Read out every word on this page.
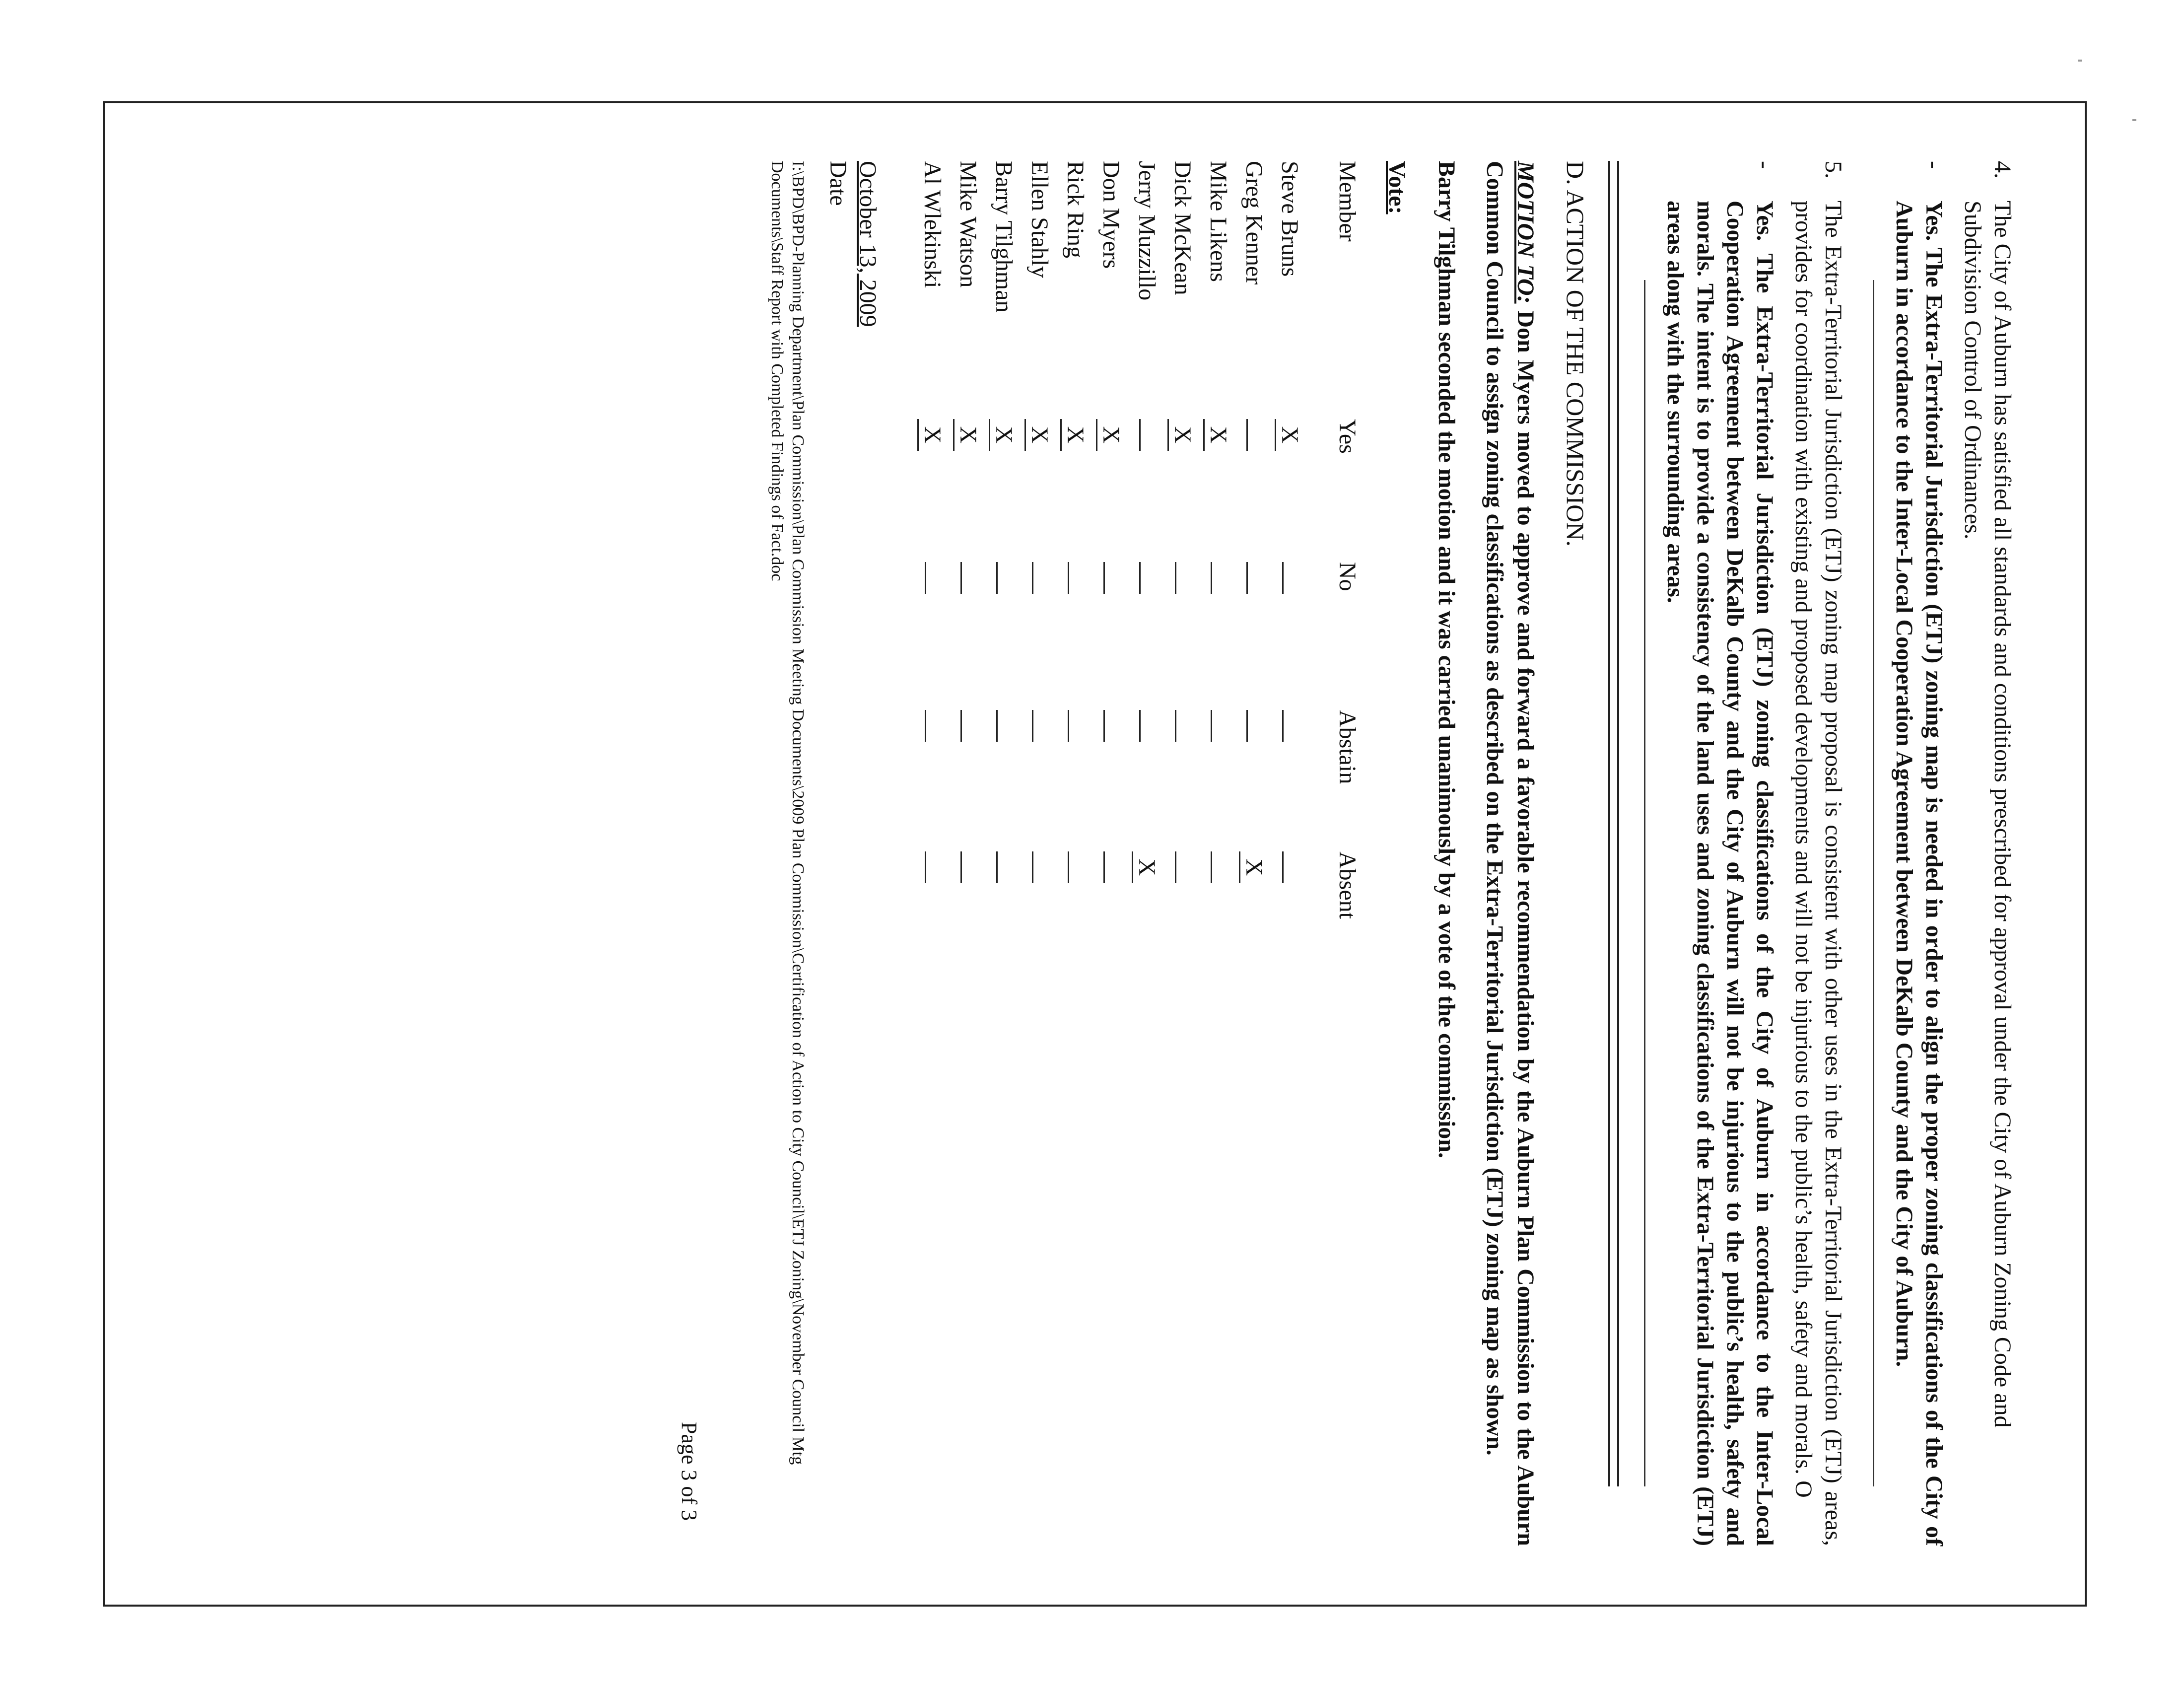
4.
The City of Auburn has satisfied all standards and conditions prescribed for approval under the City of Auburn Zoning Code and Subdivision Control of Ordinances.
-
Yes. The Extra-Territorial Jurisdiction (ETJ) zoning map is needed in order to align the proper zoning classifications of the City of Auburn in accordance to the Inter-Local Cooperation Agreement between DeKalb County and the City of Auburn.
5.
The Extra-Territorial Jurisdiction (ETJ) zoning map proposal is consistent with other uses in the Extra-Territorial Jurisdiction (ETJ) areas, provides for coordination with existing and proposed developments and will not be injurious to the public’s health, safety and morals. O
-
Yes. The Extra-Territorial Jurisdiction (ETJ) zoning classifications of the City of Auburn in accordance to the Inter-Local Cooperation Agreement between DeKalb County and the City of Auburn will not be injurious to the public’s health, safety and morals. The intent is to provide a consistency of the land uses and zoning classifications of the Extra-Territorial Jurisdiction (ETJ) areas along with the surrounding areas.
D. ACTION OF THE COMMISSION.
MOTION TO: Don Myers moved to approve and forward a favorable recommendation by the Auburn Plan Commission to the Auburn Common Council to assign zoning classifications as described on the Extra-Territorial Jurisdiction (ETJ) zoning map as shown.
Barry Tilghman seconded the motion and it was carried unanimously by a vote of the commission.
Vote:
Member	Yes	No	Abstain	Absent
Steve Bruns	X			
Greg Kenner				X
Mike Likens	X			
Dick McKean	X			
Jerry Muzzillo				X
Don Myers	X			
Rick Ring	X			
Ellen Stahly	X			
Barry Tilghman	X			
Mike Watson	X			
Al Wlekinski	X			
October 13, 2009
Date
I:\BPD\BPD-Planning Department\Plan Commission\Plan Commission Meeting Documents\2009 Plan Commission\Certification of Action to City Council\ETJ Zoning\November Council Mtg Documents\Staff Report with Completed Findings of Fact.doc
Page 3 of 3
